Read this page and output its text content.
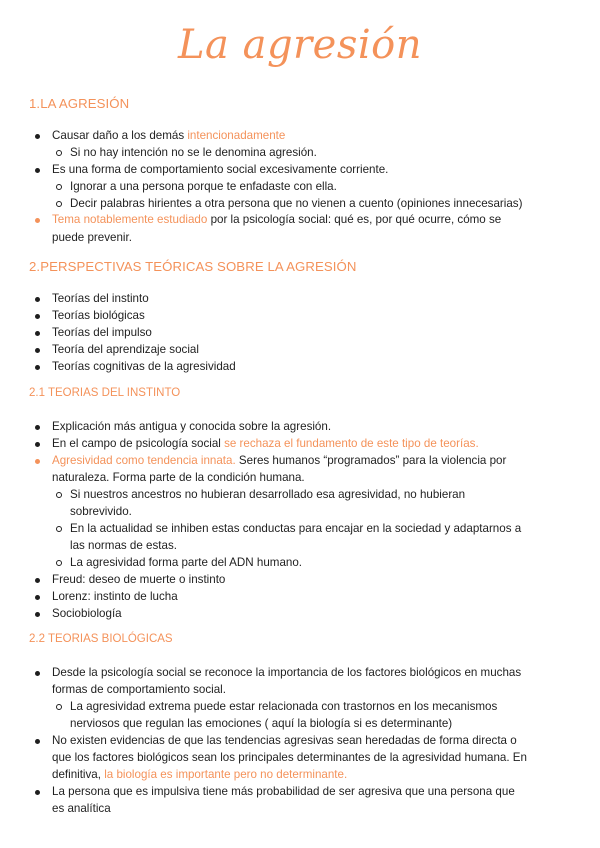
La agresión
1.LA AGRESIÓN
Causar daño a los demás intencionadamente
Si no hay intención no se le denomina agresión.
Es una forma de comportamiento social excesivamente corriente.
Ignorar a una persona porque te enfadaste con ella.
Decir palabras hirientes a otra persona que no vienen a cuento (opiniones innecesarias)
Tema notablemente estudiado por la psicología social: qué es, por qué ocurre, cómo se
puede prevenir.
2.PERSPECTIVAS TEÓRICAS SOBRE LA AGRESIÓN
Teorías del instinto
Teorías biológicas
Teorías del impulso
Teoría del aprendizaje social
Teorías cognitivas de la agresividad
2.1 TEORIAS DEL INSTINTO
Explicación más antigua y conocida sobre la agresión.
En el campo de psicología social se rechaza el fundamento de este tipo de teorías.
Agresividad como tendencia innata. Seres humanos “programados” para la violencia por
naturaleza. Forma parte de la condición humana.
Si nuestros ancestros no hubieran desarrollado esa agresividad, no hubieran
sobrevivido.
En la actualidad se inhiben estas conductas para encajar en la sociedad y adaptarnos a
las normas de estas.
La agresividad forma parte del ADN humano.
Freud: deseo de muerte o instinto
Lorenz: instinto de lucha
Sociobiología
2.2 TEORIAS BIOLÓGICAS
Desde la psicología social se reconoce la importancia de los factores biológicos en muchas
formas de comportamiento social.
La agresividad extrema puede estar relacionada con trastornos en los mecanismos
nerviosos que regulan las emociones ( aquí la biología si es determinante)
No existen evidencias de que las tendencias agresivas sean heredadas de forma directa o
que los factores biológicos sean los principales determinantes de la agresividad humana. En
definitiva, la biología es importante pero no determinante.
La persona que es impulsiva tiene más probabilidad de ser agresiva que una persona que
es analítica
